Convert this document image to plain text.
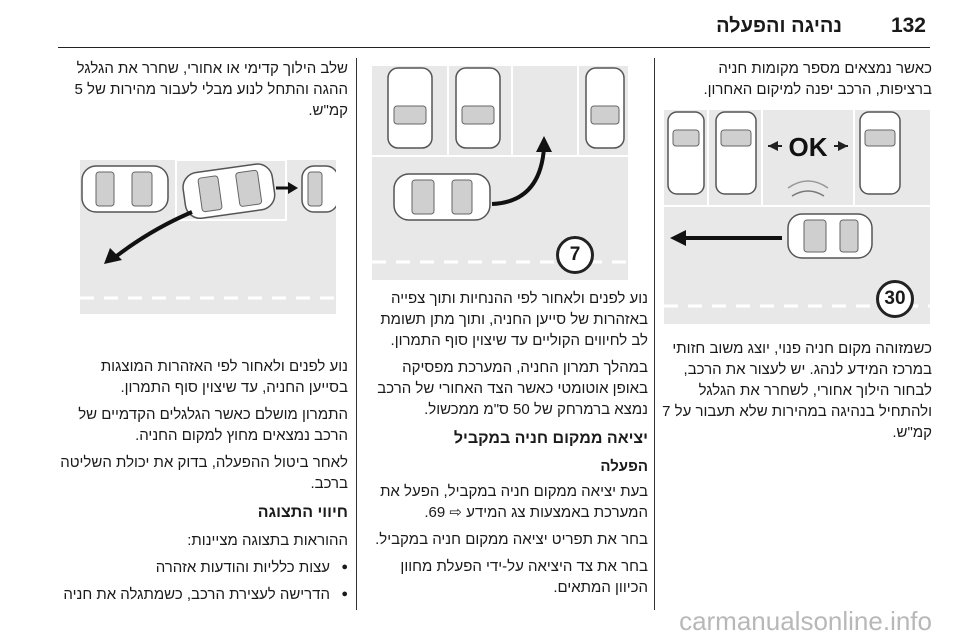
נהיגה והפעלה 132

כאשר נמצאים מספר מקומות חניה ברציפות, הרכב יפנה למיקום האחרון.

OK
30

כשמזוהה מקום חניה פנוי, יוצג משוב חזותי במרכז המידע לנהג. יש לעצור את הרכב, לבחור הילוך אחורי, לשחרר את הגלגל ולהתחיל בנהיגה במהירות שלא תעבור על 7 קמ"ש.

7

נוע לפנים ולאחור לפי ההנחיות ותוך צפייה באזהרות של סייען החניה, ותוך מתן תשומת לב לחיווים הקוליים עד שיצוין סוף התמרון.

במהלך תמרון החניה, המערכת מפסיקה באופן אוטומטי כאשר הצד האחורי של הרכב נמצא ברמרחק של 50 ס"מ ממכשול.

יציאה ממקום חניה במקביל
הפעלה

בעת יציאה ממקום חניה במקביל, הפעל את המערכת באמצעות צג המידע ⇨ 69.

בחר את תפריט יציאה ממקום חניה במקביל.

בחר את צד היציאה על-ידי הפעלת מחוון הכיוון המתאים.

שלב הילוך קדימי או אחורי, שחרר את הגלגל ההגה והתחל לנוע מבלי לעבור מהירות של 5 קמ"ש.

נוע לפנים ולאחור לפי האזהרות המוצגות בסייען החניה, עד שיצוין סוף התמרון.

התמרון מושלם כאשר הגלגלים הקדמיים של הרכב נמצאים מחוץ למקום החניה.

לאחר ביטול ההפעלה, בדוק את יכולת השליטה ברכב.

חיווי התצוגה

ההוראות בתצוגה מציינות:

● עצות כלליות והודעות אזהרה
● הדרישה לעצירת הרכב, כשמתגלה את חניה
carmanualsonline.info
